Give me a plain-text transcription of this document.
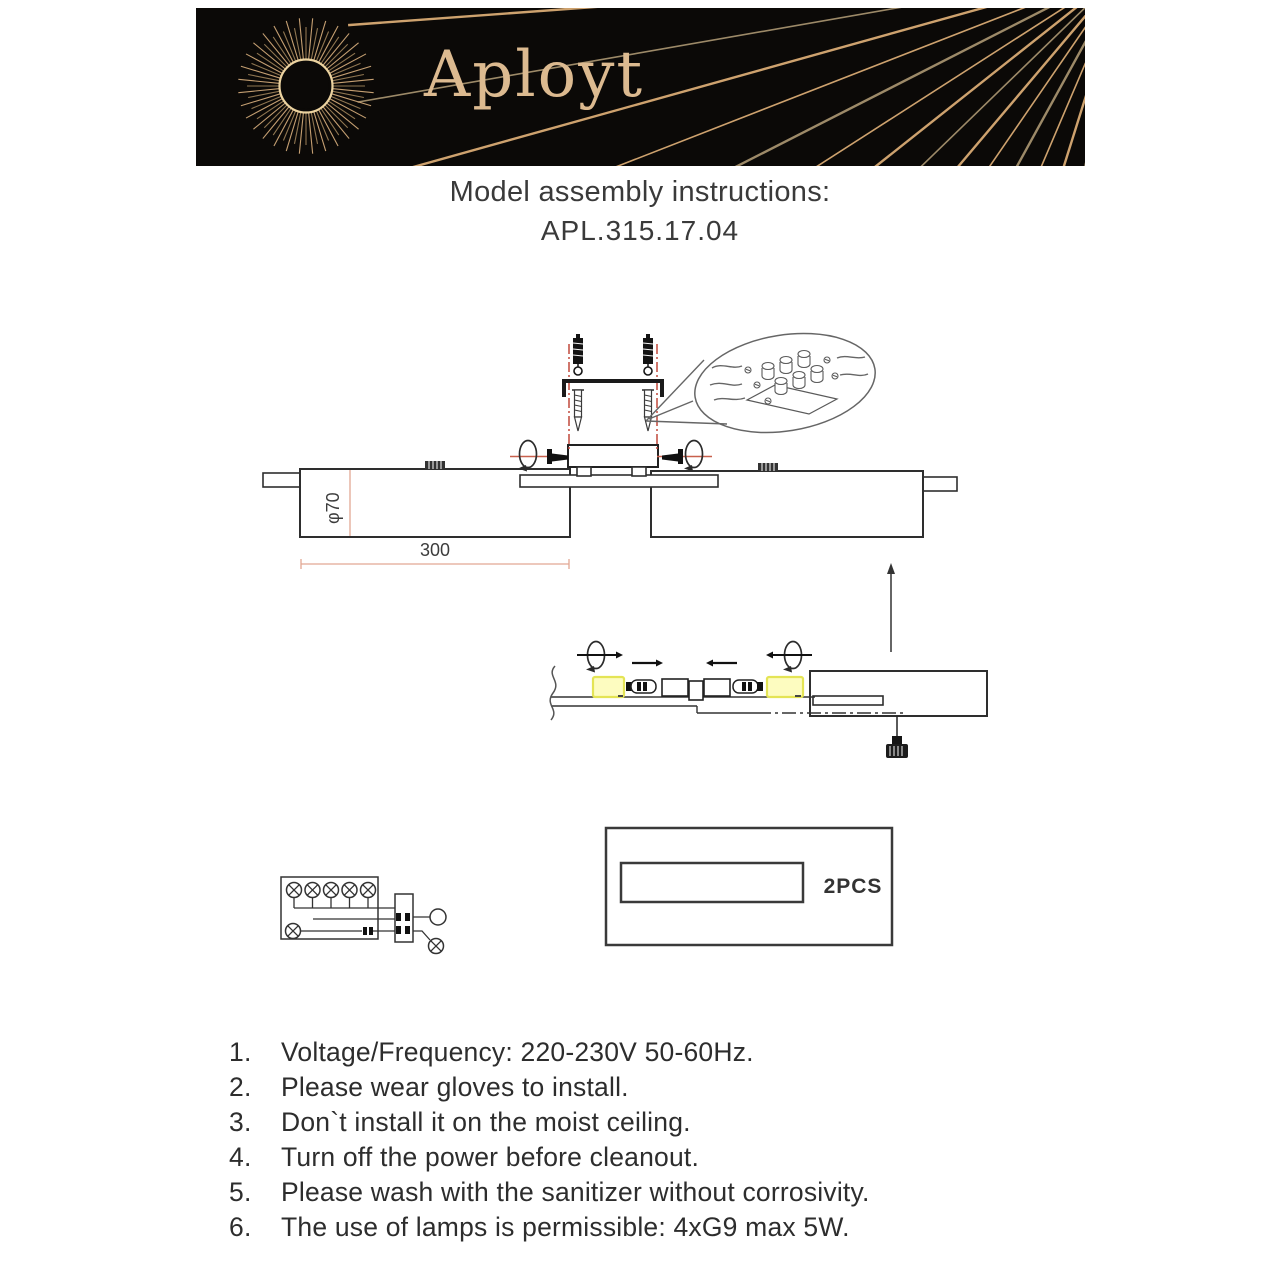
Aployt
Model assembly instructions:
APL.315.17.04
φ70
300
2PCS
1.	Voltage/Frequency: 220-230V 50-60Hz.
2.	Please wear gloves to install.
3.	Don`t install it on the moist ceiling.
4.	Turn off the power before cleanout.
5.	Please wash with the sanitizer without corrosivity.
6.	The use of lamps is permissible: 4xG9 max 5W.
